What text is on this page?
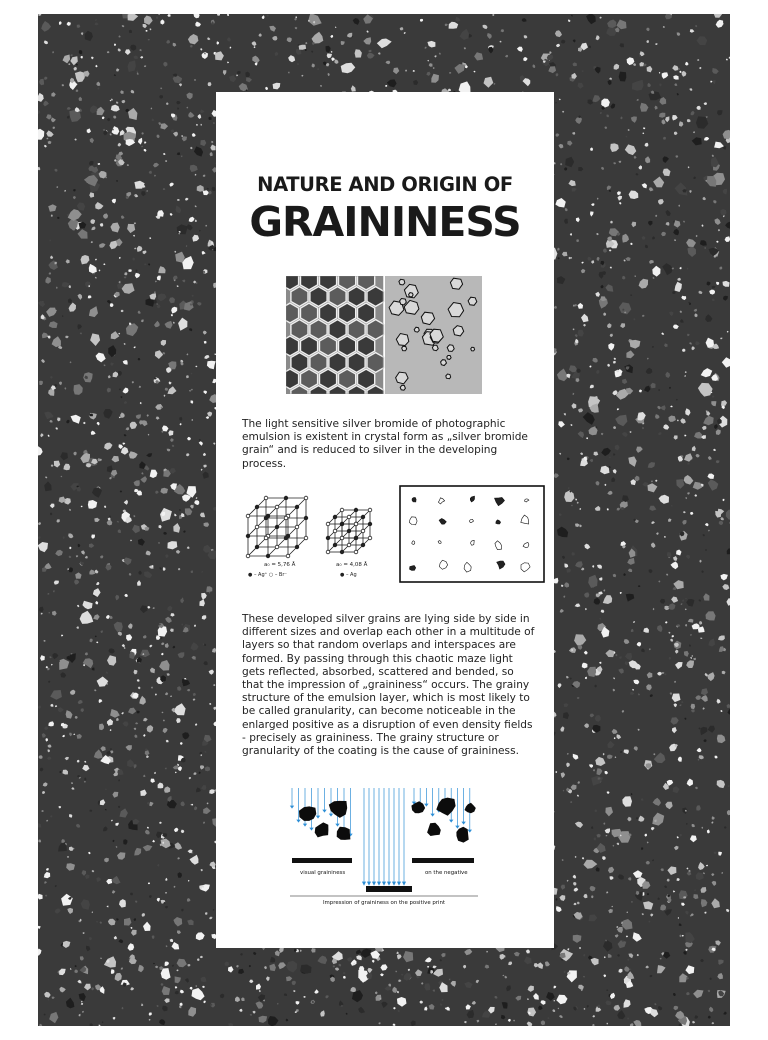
NATURE AND ORIGIN OF
GRAININESS

The light sensitive silver bromide of photographic emulsion is existent in crystal form as „silver bromide grain“ and is reduced to silver in the developing process.

a₀ = 5,76 Å
● – Ag⁺ ○ – Br⁻
a₀ = 4,08 Å
● – Ag

These developed silver grains are lying side by side in different sizes and overlap each other in a multitude of layers so that random overlaps and interspaces are formed. By passing through this chaotic maze light gets reflected, absorbed, scattered and bended, so that the impression of „graininess“ occurs. The grainy structure of the emulsion layer, which is most likely to be called granularity, can become noticeable in the enlarged positive as a disruption of even density fields - precisely as graininess. The grainy structure or granularity of the coating is the cause of graininess.

visual graininess	on the negative
Impression of graininess on the positive print
